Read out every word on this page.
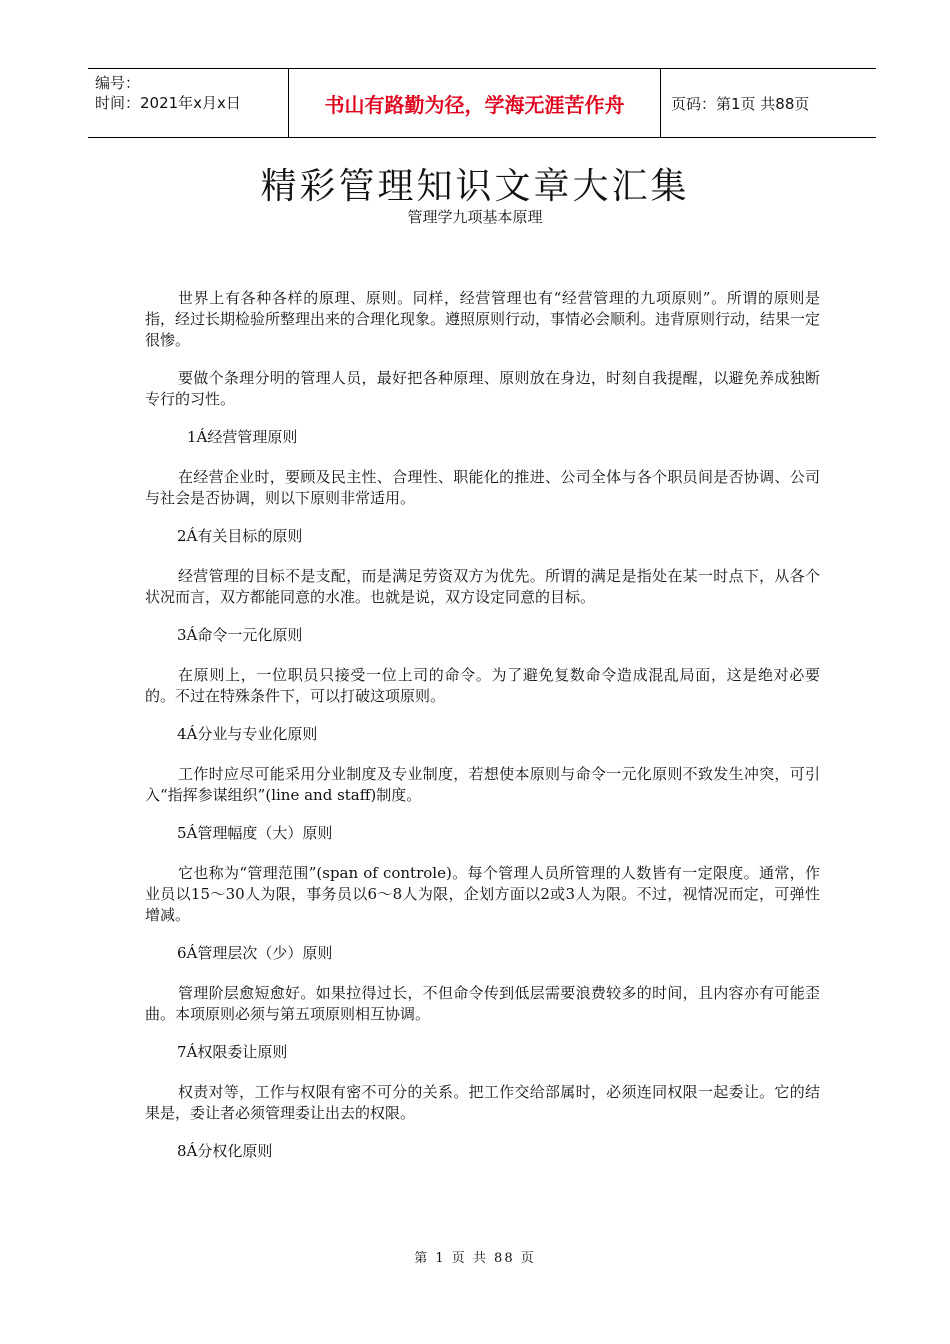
编号：
时间：2021年x月x日	书山有路勤为径，学海无涯苦作舟	页码：第1页 共88页
精彩管理知识文章大汇集
管理学九项基本原理

世界上有各种各样的原理、原则。同样，经营管理也有“经营管理的九项原则”。所谓的原则是指，经过长期检验所整理出来的合理化现象。遵照原则行动，事情必会顺利。违背原则行动，结果一定很惨。

要做个条理分明的管理人员，最好把各种原理、原则放在身边，时刻自我提醒，以避免养成独断专行的习性。

1Á经营管理原则

在经营企业时，要顾及民主性、合理性、职能化的推进、公司全体与各个职员间是否协调、公司与社会是否协调，则以下原则非常适用。

2Á有关目标的原则

经营管理的目标不是支配，而是满足劳资双方为优先。所谓的满足是指处在某一时点下，从各个状况而言，双方都能同意的水准。也就是说，双方设定同意的目标。

3Á命令一元化原则

在原则上，一位职员只接受一位上司的命令。为了避免复数命令造成混乱局面，这是绝对必要的。不过在特殊条件下，可以打破这项原则。

4Á分业与专业化原则

工作时应尽可能采用分业制度及专业制度，若想使本原则与命令一元化原则不致发生冲突，可引入“指挥参谋组织”(line and staff)制度。

5Á管理幅度（大）原则

它也称为“管理范围”(span of controle)。每个管理人员所管理的人数皆有一定限度。通常，作业员以15～30人为限，事务员以6～8人为限，企划方面以2或3人为限。不过，视情况而定，可弹性增减。

6Á管理层次（少）原则

管理阶层愈短愈好。如果拉得过长，不但命令传到低层需要浪费较多的时间，且内容亦有可能歪曲。本项原则必须与第五项原则相互协调。

7Á权限委让原则

权责对等，工作与权限有密不可分的关系。把工作交给部属时，必须连同权限一起委让。它的结果是，委让者必须管理委让出去的权限。

8Á分权化原则

第 1 页 共 88 页
